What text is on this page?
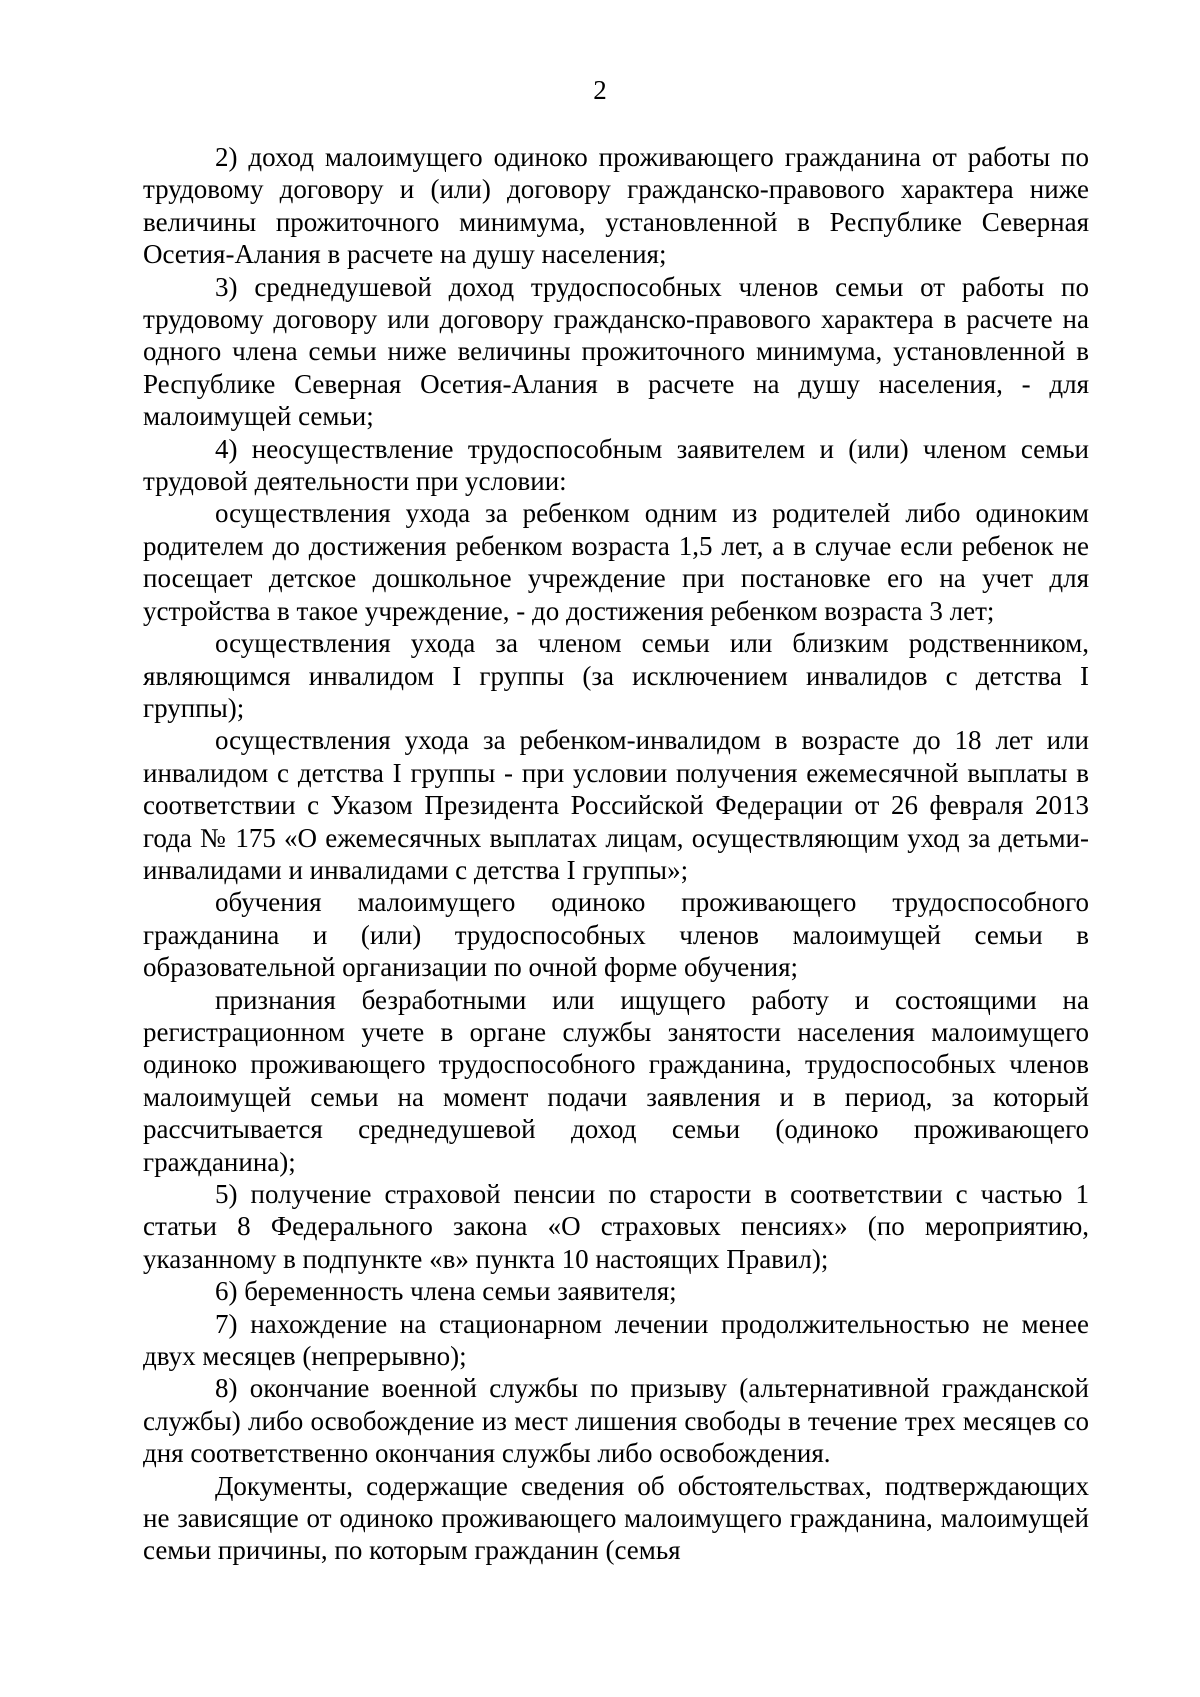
2

2) доход малоимущего одиноко проживающего гражданина от работы по трудовому договору и (или) договору гражданско-правового характера ниже величины прожиточного минимума, установленной в Республике Северная Осетия-Алания в расчете на душу населения;

3) среднедушевой доход трудоспособных членов семьи от работы по трудовому договору или договору гражданско-правового характера в расчете на одного члена семьи ниже величины прожиточного минимума, установленной в Республике Северная Осетия-Алания в расчете на душу населения, - для малоимущей семьи;

4) неосуществление трудоспособным заявителем и (или) членом семьи трудовой деятельности при условии:

осуществления ухода за ребенком одним из родителей либо одиноким родителем до достижения ребенком возраста 1,5 лет, а в случае если ребенок не посещает детское дошкольное учреждение при постановке его на учет для устройства в такое учреждение, - до достижения ребенком возраста 3 лет;

осуществления ухода за членом семьи или близким родственником, являющимся инвалидом I группы (за исключением инвалидов с детства I группы);

осуществления ухода за ребенком-инвалидом в возрасте до 18 лет или инвалидом с детства I группы - при условии получения ежемесячной выплаты в соответствии с Указом Президента Российской Федерации от 26 февраля 2013 года № 175 «О ежемесячных выплатах лицам, осуществляющим уход за детьми-инвалидами и инвалидами с детства I группы»;

обучения малоимущего одиноко проживающего трудоспособного гражданина и (или) трудоспособных членов малоимущей семьи в образовательной организации по очной форме обучения;

признания безработными или ищущего работу и состоящими на регистрационном учете в органе службы занятости населения малоимущего одиноко проживающего трудоспособного гражданина, трудоспособных членов малоимущей семьи на момент подачи заявления и в период, за который рассчитывается среднедушевой доход семьи (одиноко проживающего гражданина);

5) получение страховой пенсии по старости в соответствии с частью 1 статьи 8 Федерального закона «О страховых пенсиях» (по мероприятию, указанному в подпункте «в» пункта 10 настоящих Правил);

6) беременность члена семьи заявителя;

7) нахождение на стационарном лечении продолжительностью не менее двух месяцев (непрерывно);

8) окончание военной службы по призыву (альтернативной гражданской службы) либо освобождение из мест лишения свободы в течение трех месяцев со дня соответственно окончания службы либо освобождения.

Документы, содержащие сведения об обстоятельствах, подтверждающих не зависящие от одиноко проживающего малоимущего гражданина, малоимущей семьи причины, по которым гражданин (семья
